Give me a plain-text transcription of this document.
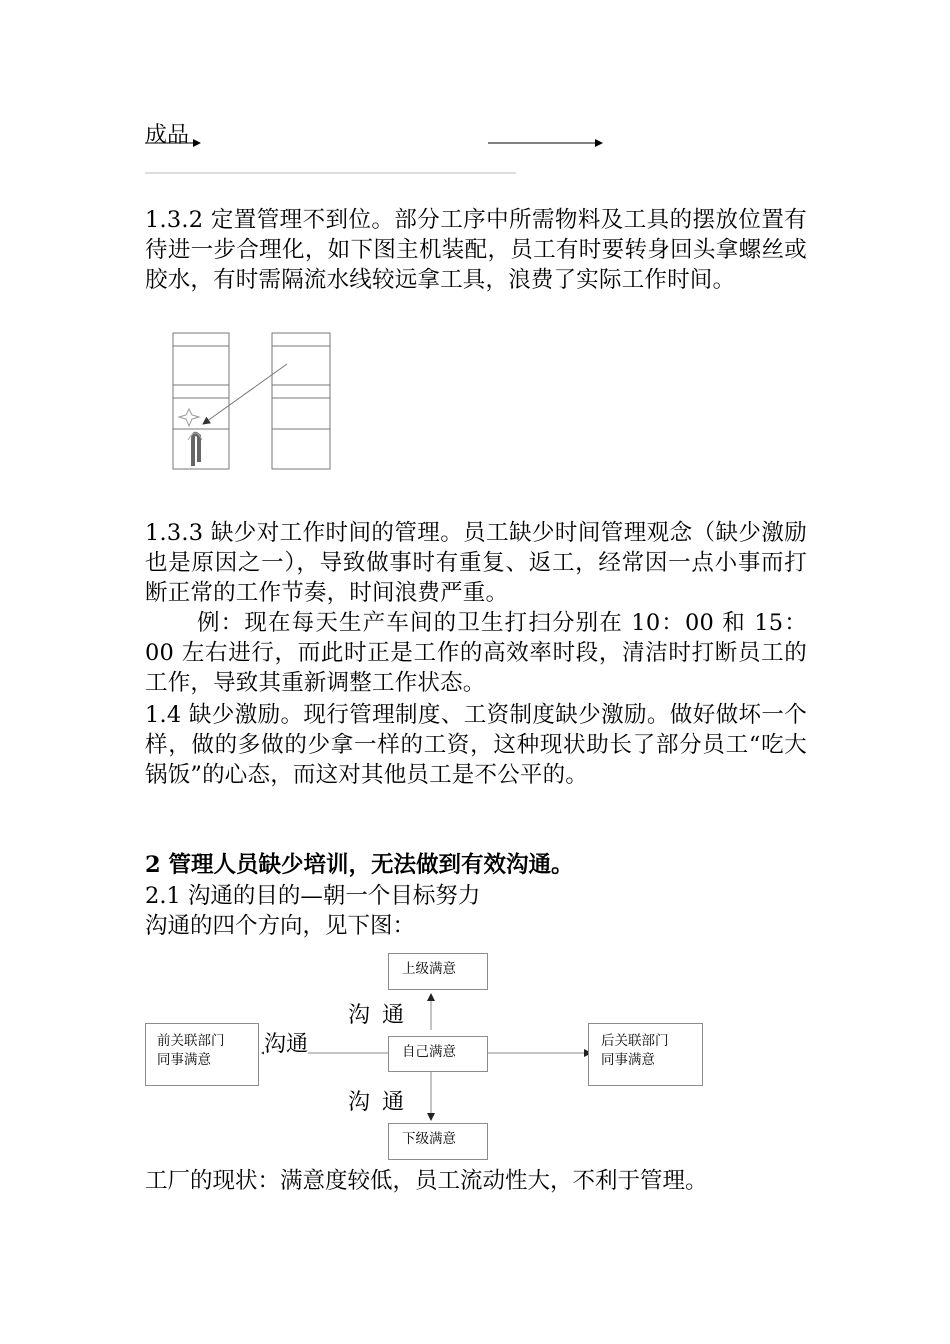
成品
1.3.2 定置管理不到位。部分工序中所需物料及工具的摆放位置有待进一步合理化，如下图主机装配，员工有时要转身回头拿螺丝或胶水，有时需隔流水线较远拿工具，浪费了实际工作时间。
1.3.3 缺少对工作时间的管理。员工缺少时间管理观念（缺少激励也是原因之一），导致做事时有重复、返工，经常因一点小事而打断正常的工作节奏，时间浪费严重。
例：现在每天生产车间的卫生打扫分别在 10：00 和 15：00 左右进行，而此时正是工作的高效率时段，清洁时打断员工的工作，导致其重新调整工作状态。
1.4 缺少激励。现行管理制度、工资制度缺少激励。做好做坏一个样，做的多做的少拿一样的工资，这种现状助长了部分员工“吃大锅饭”的心态，而这对其他员工是不公平的。
2 管理人员缺少培训，无法做到有效沟通。
2.1 沟通的目的—朝一个目标努力
沟通的四个方向，见下图：
上级满意
自己满意
下级满意
前关联部门
同事满意
后关联部门
同事满意
沟通
沟通
沟通
工厂的现状：满意度较低，员工流动性大，不利于管理。
